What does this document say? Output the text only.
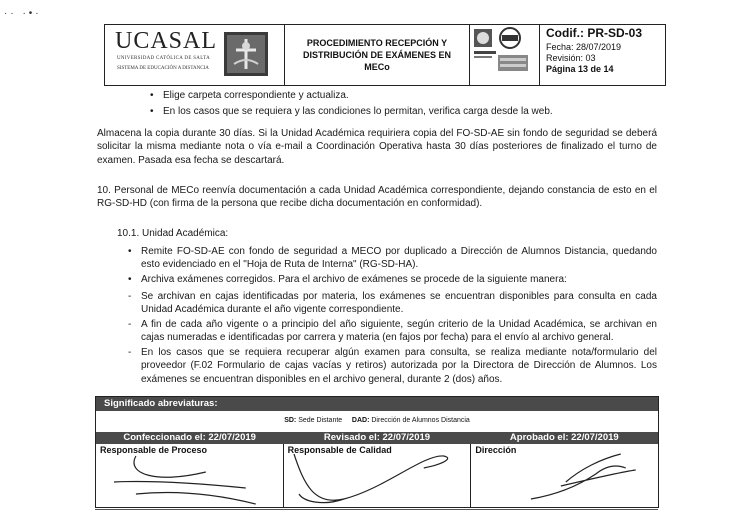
·· ·•·
UCASAL
UNIVERSIDAD CATÓLICA DE SALTA
SISTEMA DE EDUCACIÓN A DISTANCIA
PROCEDIMIENTO RECEPCIÓN Y DISTRIBUCIÓN DE EXÁMENES EN MECo
Codif.: PR-SD-03
Fecha: 28/07/2019
Revisión: 03
Página 13 de 14
• Elige carpeta correspondiente y actualiza.
• En los casos que se requiera y las condiciones lo permitan, verifica carga desde la web.
Almacena la copia durante 30 días. Si la Unidad Académica requiriera copia del FO-SD-AE sin fondo de seguridad se deberá solicitar la misma mediante nota o vía e-mail a Coordinación Operativa hasta 30 días posteriores de finalizado el turno de examen. Pasada esa fecha se descartará.
10. Personal de MECo reenvía documentación a cada Unidad Académica correspondiente, dejando constancia de esto en el RG-SD-HD (con firma de la persona que recibe dicha documentación en conformidad).
10.1. Unidad Académica:
• Remite FO-SD-AE con fondo de seguridad a MECO por duplicado a Dirección de Alumnos Distancia, quedando esto evidenciado en el "Hoja de Ruta de Interna" (RG-SD-HA).
• Archiva exámenes corregidos. Para el archivo de exámenes se procede de la siguiente manera:
- Se archivan en cajas identificadas por materia, los exámenes se encuentran disponibles para consulta en cada Unidad Académica durante el año vigente correspondiente.
- A fin de cada año vigente o a principio del año siguiente, según criterio de la Unidad Académica, se archivan en cajas numeradas e identificadas por carrera y materia (en fajos por fecha) para el envío al archivo general.
- En los casos que se requiera recuperar algún examen para consulta, se realiza mediante nota/formulario del proveedor (F.02 Formulario de cajas vacías y retiros) autorizada por la Directora de Dirección de Alumnos. Los exámenes se encuentran disponibles en el archivo general, durante 2 (dos) años.
Significado abreviaturas:
SD: Sede Distante DAD: Dirección de Alumnos Distancia
Confeccionado el: 22/07/2019	Revisado el: 22/07/2019	Aprobado el: 22/07/2019
Responsable de Proceso	Responsable de Calidad	Dirección
